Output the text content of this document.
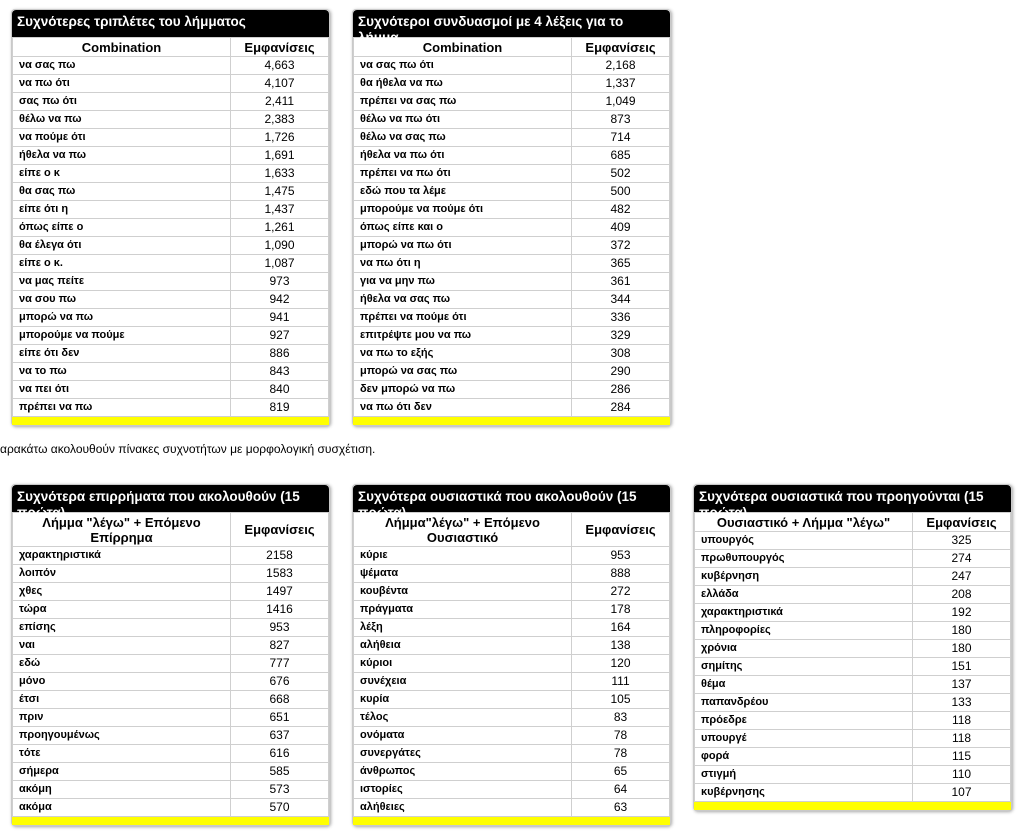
Συχνότερες τριπλέτες του λήμματος
Combination	Εμφανίσεις
να σας πω	4,663
να πω ότι	4,107
σας πω ότι	2,411
θέλω να πω	2,383
να πούμε ότι	1,726
ήθελα να πω	1,691
είπε ο κ	1,633
θα σας πω	1,475
είπε ότι η	1,437
όπως είπε ο	1,261
θα έλεγα ότι	1,090
είπε ο κ.	1,087
να μας πείτε	973
να σου πω	942
μπορώ να πω	941
μπορούμε να πούμε	927
είπε ότι δεν	886
να το πω	843
να πει ότι	840
πρέπει να πω	819
Συχνότεροι συνδυασμοί με 4 λέξεις για το λήμμα
Combination	Εμφανίσεις
να σας πω ότι	2,168
θα ήθελα να πω	1,337
πρέπει να σας πω	1,049
θέλω να πω ότι	873
θέλω να σας πω	714
ήθελα να πω ότι	685
πρέπει να πω ότι	502
εδώ που τα λέμε	500
μπορούμε να πούμε ότι	482
όπως είπε και ο	409
μπορώ να πω ότι	372
να πω ότι η	365
για να μην πω	361
ήθελα να σας πω	344
πρέπει να πούμε ότι	336
επιτρέψτε μου να πω	329
να πω το εξής	308
μπορώ να σας πω	290
δεν μπορώ να πω	286
να πω ότι δεν	284
αρακάτω ακολουθούν πίνακες συχνοτήτων με μορφολογική συσχέτιση.
Συχνότερα επιρρήματα που ακολουθούν (15 πρώτα)
Λήμμα "λέγω" + Επόμενο Επίρρημα	Εμφανίσεις
χαρακτηριστικά	2158
λοιπόν	1583
χθες	1497
τώρα	1416
επίσης	953
ναι	827
εδώ	777
μόνο	676
έτσι	668
πριν	651
προηγουμένως	637
τότε	616
σήμερα	585
ακόμη	573
ακόμα	570
Συχνότερα ουσιαστικά που ακολουθούν (15 πρώτα)
Λήμμα"λέγω" + Επόμενο Ουσιαστικό	Εμφανίσεις
κύριε	953
ψέματα	888
κουβέντα	272
πράγματα	178
λέξη	164
αλήθεια	138
κύριοι	120
συνέχεια	111
κυρία	105
τέλος	83
ονόματα	78
συνεργάτες	78
άνθρωπος	65
ιστορίες	64
αλήθειες	63
Συχνότερα ουσιαστικά που προηγούνται (15 πρώτα)
Ουσιαστικό + Λήμμα "λέγω"	Εμφανίσεις
υπουργός	325
πρωθυπουργός	274
κυβέρνηση	247
ελλάδα	208
χαρακτηριστικά	192
πληροφορίες	180
χρόνια	180
σημίτης	151
θέμα	137
παπανδρέου	133
πρόεδρε	118
υπουργέ	118
φορά	115
στιγμή	110
κυβέρνησης	107
